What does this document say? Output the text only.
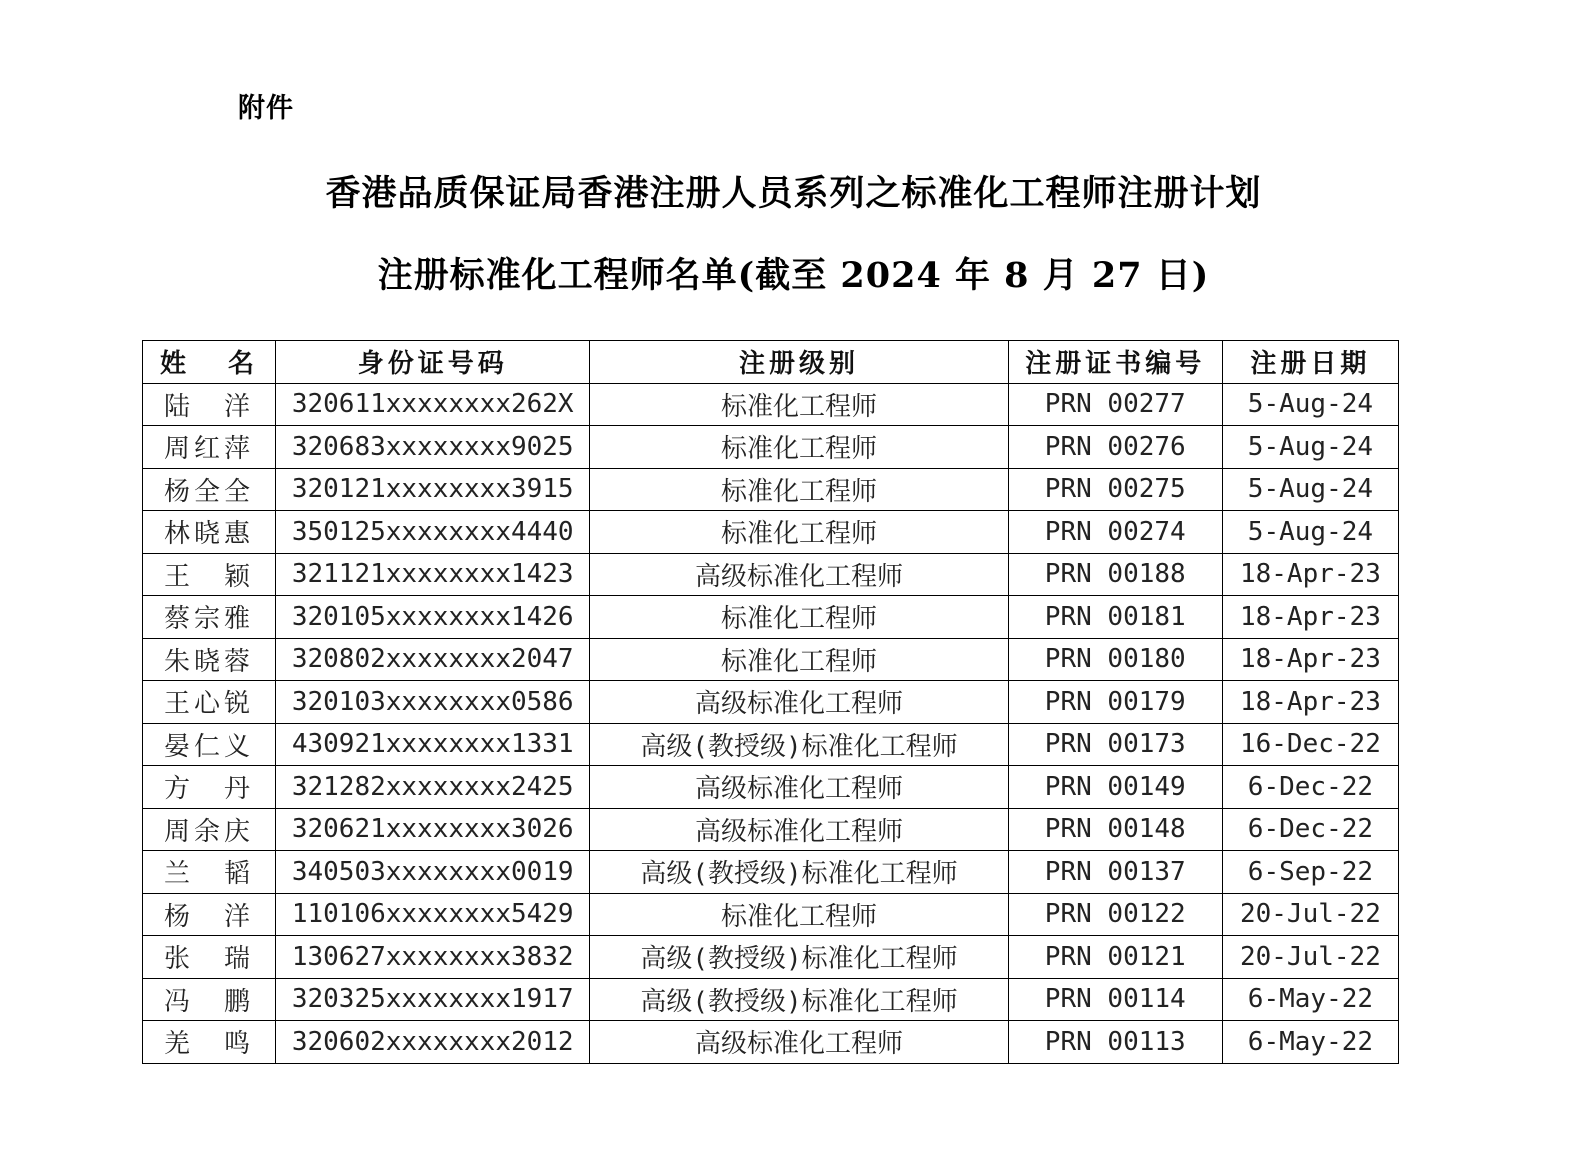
附件
香港品质保证局香港注册人员系列之标准化工程师注册计划
注册标准化工程师名单(截至 2024 年 8 月 27 日)
姓 名	身份证号码	注册级别	注册证书编号	注册日期
陆　洋	320611xxxxxxxx262X	标准化工程师	PRN 00277	5-Aug-24
周红萍	320683xxxxxxxx9025	标准化工程师	PRN 00276	5-Aug-24
杨全全	320121xxxxxxxx3915	标准化工程师	PRN 00275	5-Aug-24
林晓惠	350125xxxxxxxx4440	标准化工程师	PRN 00274	5-Aug-24
王　颖	321121xxxxxxxx1423	高级标准化工程师	PRN 00188	18-Apr-23
蔡宗雅	320105xxxxxxxx1426	标准化工程师	PRN 00181	18-Apr-23
朱晓蓉	320802xxxxxxxx2047	标准化工程师	PRN 00180	18-Apr-23
王心锐	320103xxxxxxxx0586	高级标准化工程师	PRN 00179	18-Apr-23
晏仁义	430921xxxxxxxx1331	高级(教授级)标准化工程师	PRN 00173	16-Dec-22
方　丹	321282xxxxxxxx2425	高级标准化工程师	PRN 00149	6-Dec-22
周余庆	320621xxxxxxxx3026	高级标准化工程师	PRN 00148	6-Dec-22
兰　韬	340503xxxxxxxx0019	高级(教授级)标准化工程师	PRN 00137	6-Sep-22
杨　洋	110106xxxxxxxx5429	标准化工程师	PRN 00122	20-Jul-22
张　瑞	130627xxxxxxxx3832	高级(教授级)标准化工程师	PRN 00121	20-Jul-22
冯　鹏	320325xxxxxxxx1917	高级(教授级)标准化工程师	PRN 00114	6-May-22
羌　鸣	320602xxxxxxxx2012	高级标准化工程师	PRN 00113	6-May-22
